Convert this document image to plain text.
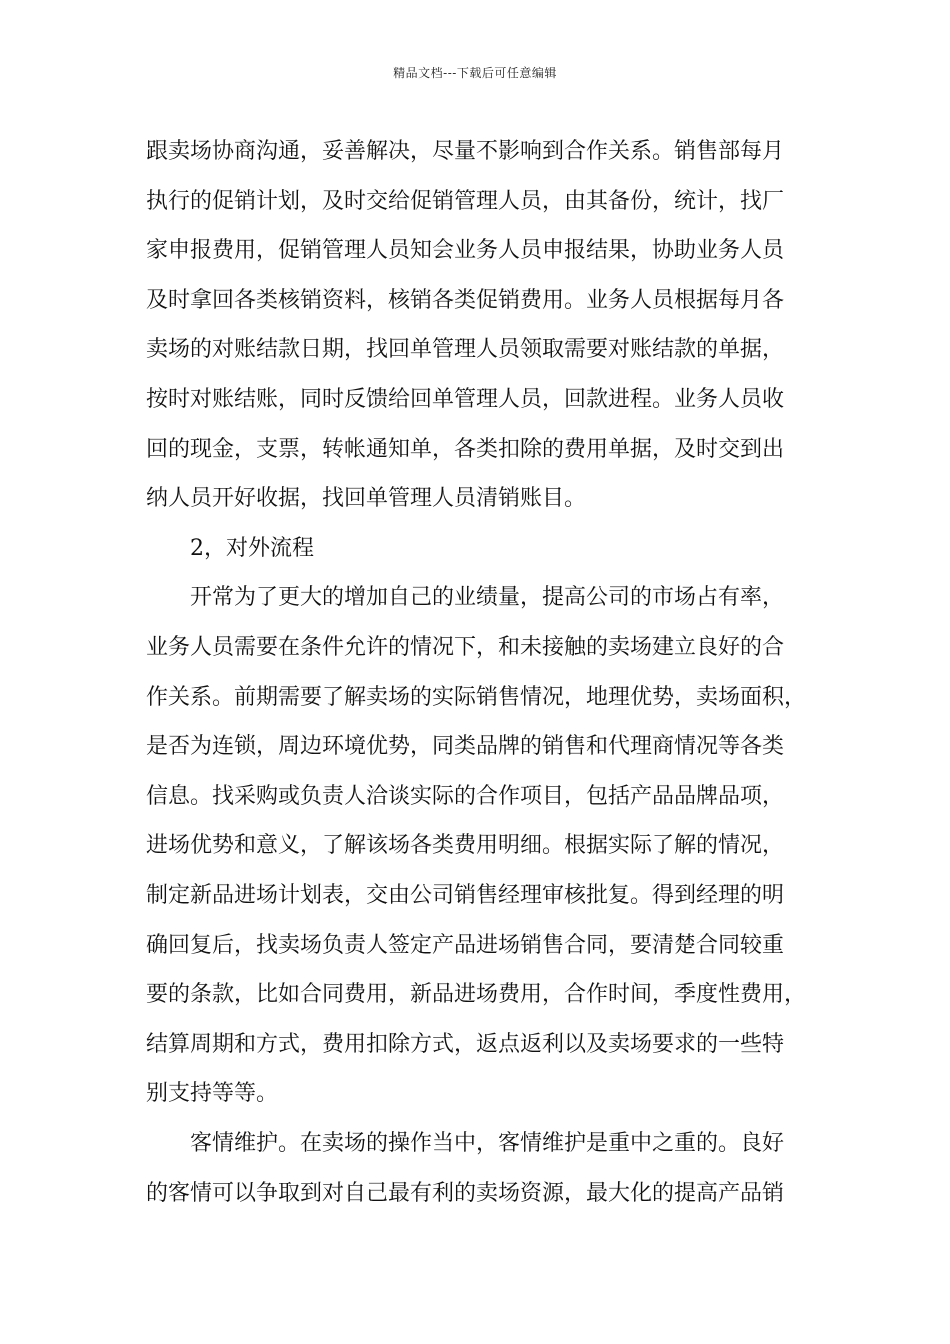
精品文档---下载后可任意编辑
跟卖场协商沟通，妥善解决，尽量不影响到合作关系。销售部每月
执行的促销计划，及时交给促销管理人员，由其备份，统计，找厂
家申报费用，促销管理人员知会业务人员申报结果，协助业务人员
及时拿回各类核销资料，核销各类促销费用。业务人员根据每月各
卖场的对账结款日期，找回单管理人员领取需要对账结款的单据，
按时对账结账，同时反馈给回单管理人员，回款进程。业务人员收
回的现金，支票，转帐通知单，各类扣除的费用单据，及时交到出
纳人员开好收据，找回单管理人员清销账目。
2，对外流程
开常为了更大的增加自己的业绩量，提高公司的市场占有率，
业务人员需要在条件允许的情况下，和未接触的卖场建立良好的合
作关系。前期需要了解卖场的实际销售情况，地理优势，卖场面积，
是否为连锁，周边环境优势，同类品牌的销售和代理商情况等各类
信息。找采购或负责人洽谈实际的合作项目，包括产品品牌品项，
进场优势和意义，了解该场各类费用明细。根据实际了解的情况，
制定新品进场计划表，交由公司销售经理审核批复。得到经理的明
确回复后，找卖场负责人签定产品进场销售合同，要清楚合同较重
要的条款，比如合同费用，新品进场费用，合作时间，季度性费用，
结算周期和方式，费用扣除方式，返点返利以及卖场要求的一些特
别支持等等。
客情维护。在卖场的操作当中，客情维护是重中之重的。良好
的客情可以争取到对自己最有利的卖场资源，最大化的提高产品销
